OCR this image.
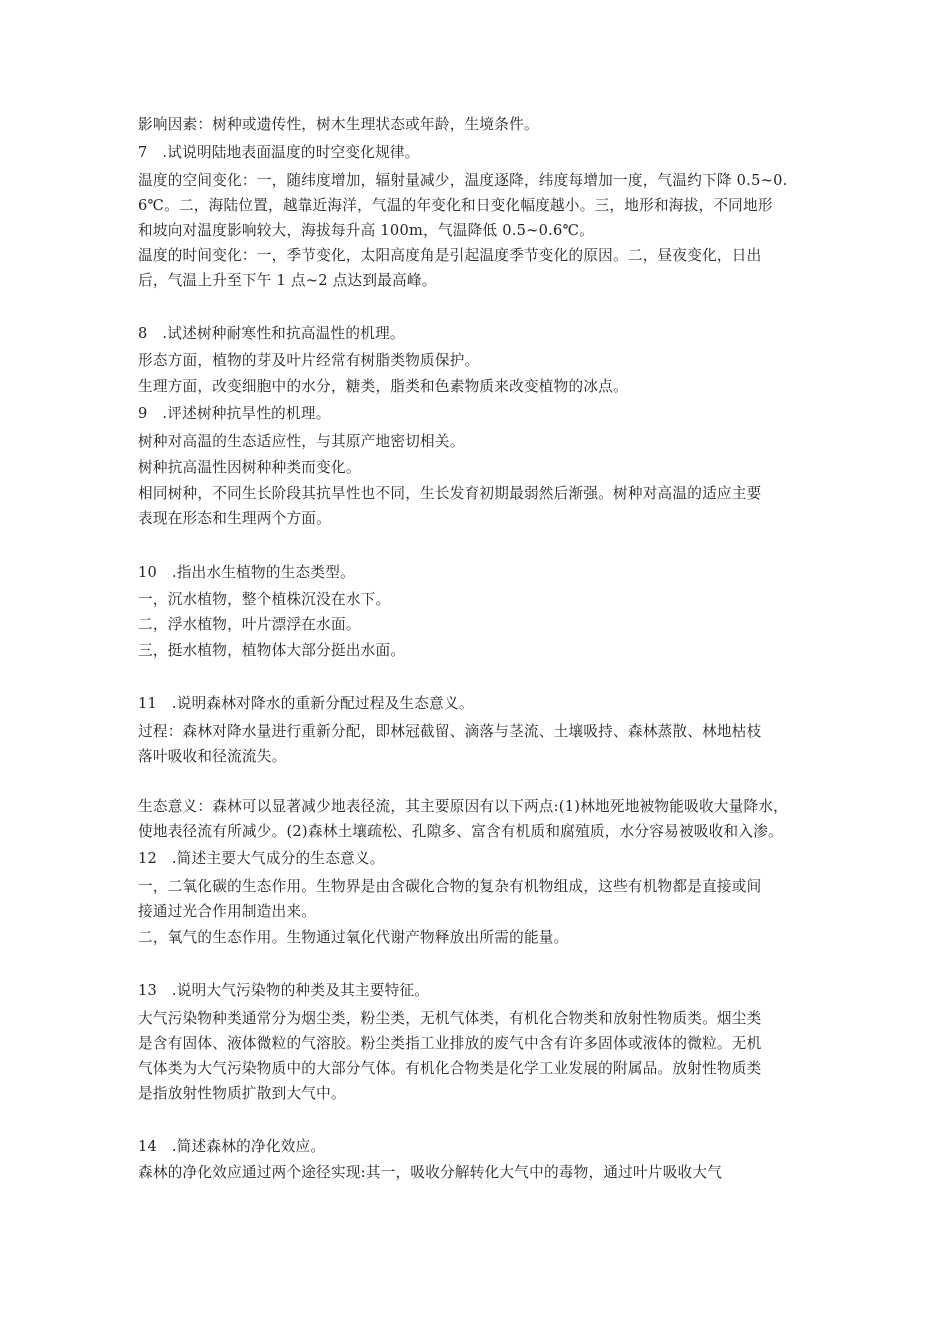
影响因素：树种或遗传性，树木生理状态或年龄，生境条件。
7　.试说明陆地表面温度的时空变化规律。
温度的空间变化：一，随纬度增加，辐射量减少，温度逐降，纬度每增加一度，气温约下降 0.5~0.
6℃。二，海陆位置，越靠近海洋，气温的年变化和日变化幅度越小。三，地形和海拔，不同地形
和坡向对温度影响较大，海拔每升高 100m，气温降低 0.5~0.6℃。
温度的时间变化：一，季节变化，太阳高度角是引起温度季节变化的原因。二，昼夜变化，日出
后，气温上升至下午 1 点~2 点达到最高峰。
8　.试述树种耐寒性和抗高温性的机理。
形态方面，植物的芽及叶片经常有树脂类物质保护。
生理方面，改变细胞中的水分，糖类，脂类和色素物质来改变植物的冰点。
9　.评述树种抗旱性的机理。
树种对高温的生态适应性，与其原产地密切相关。
树种抗高温性因树种种类而变化。
相同树种，不同生长阶段其抗旱性也不同，生长发育初期最弱然后渐强。树种对高温的适应主要
表现在形态和生理两个方面。
10　.指出水生植物的生态类型。
一，沉水植物，整个植株沉没在水下。
二，浮水植物，叶片漂浮在水面。
三，挺水植物，植物体大部分挺出水面。
11　.说明森林对降水的重新分配过程及生态意义。
过程：森林对降水量进行重新分配，即林冠截留、滴落与茎流、土壤吸持、森林蒸散、林地枯枝
落叶吸收和径流流失。
生态意义：森林可以显著减少地表径流，其主要原因有以下两点:(1)林地死地被物能吸收大量降水，
使地表径流有所减少。(2)森林土壤疏松、孔隙多、富含有机质和腐殖质，水分容易被吸收和入渗。
12　.简述主要大气成分的生态意义。
一，二氧化碳的生态作用。生物界是由含碳化合物的复杂有机物组成，这些有机物都是直接或间
接通过光合作用制造出来。
二，氧气的生态作用。生物通过氧化代谢产物释放出所需的能量。
13　.说明大气污染物的种类及其主要特征。
大气污染物种类通常分为烟尘类，粉尘类，无机气体类，有机化合物类和放射性物质类。烟尘类
是含有固体、液体微粒的气溶胶。粉尘类指工业排放的废气中含有许多固体或液体的微粒。无机
气体类为大气污染物质中的大部分气体。有机化合物类是化学工业发展的附属品。放射性物质类
是指放射性物质扩散到大气中。
14　.简述森林的净化效应。
森林的净化效应通过两个途径实现:其一，吸收分解转化大气中的毒物，通过叶片吸收大气
